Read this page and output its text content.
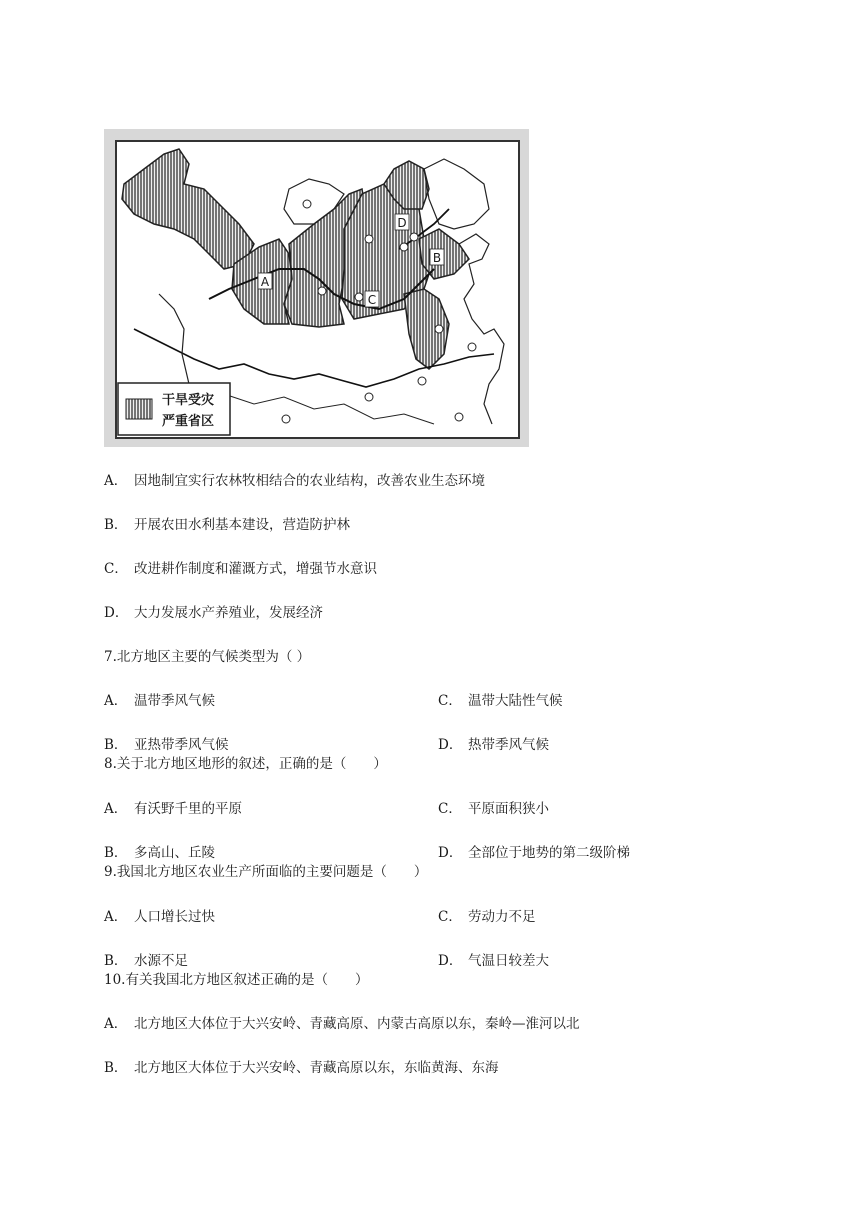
A
B
C
D
干旱受灾
严重省区
A． 因地制宜实行农林牧相结合的农业结构，改善农业生态环境
B． 开展农田水利基本建设，营造防护林
C． 改进耕作制度和灌溉方式，增强节水意识
D． 大力发展水产养殖业，发展经济
7.北方地区主要的气候类型为（ ）
A． 温带季风气候	C． 温带大陆性气候
B． 亚热带季风气候	D． 热带季风气候
8.关于北方地区地形的叙述，正确的是（　　）
A． 有沃野千里的平原	C． 平原面积狭小
B． 多高山、丘陵	D． 全部位于地势的第二级阶梯
9.我国北方地区农业生产所面临的主要问题是（　　）
A． 人口增长过快	C． 劳动力不足
B． 水源不足	D． 气温日较差大
10.有关我国北方地区叙述正确的是（　　）
A． 北方地区大体位于大兴安岭、青藏高原、内蒙古高原以东，秦岭—淮河以北
B． 北方地区大体位于大兴安岭、青藏高原以东，东临黄海、东海
